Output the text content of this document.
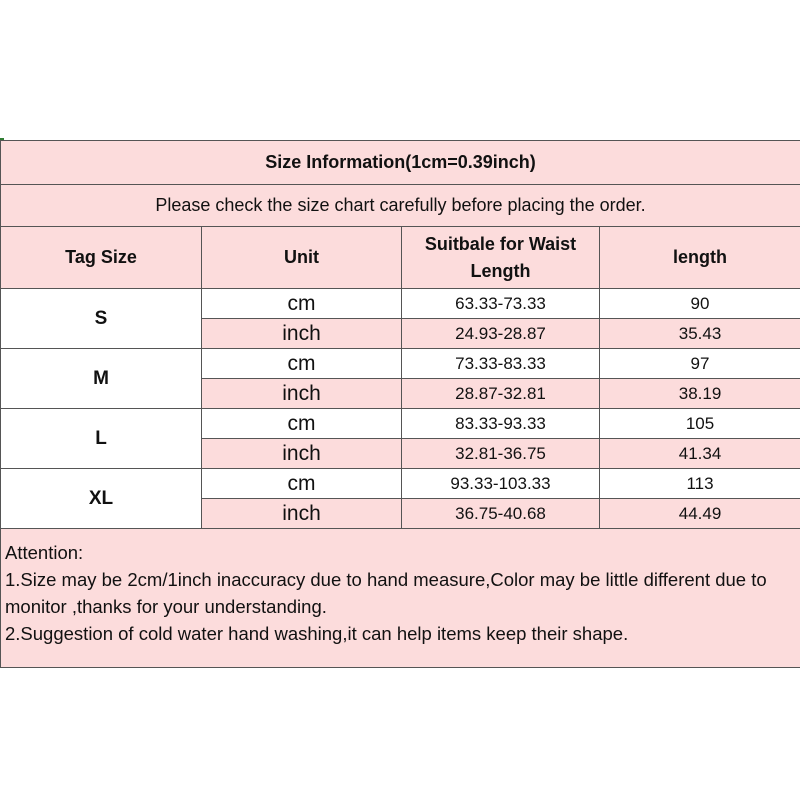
Size Information(1cm=0.39inch)			
Please check the size chart carefully before placing the order.			
Tag Size	Unit	Suitbale for Waist Length	length
S	cm	63.33-73.33	90
	inch	24.93-28.87	35.43
M	cm	73.33-83.33	97
	inch	28.87-32.81	38.19
L	cm	83.33-93.33	105
	inch	32.81-36.75	41.34
XL	cm	93.33-103.33	113
	inch	36.75-40.68	44.49

Attention:
1.Size may be 2cm/1inch inaccuracy due to hand measure,Color may be little different due to monitor ,thanks for your understanding.
2.Suggestion of cold water hand washing,it can help items keep their shape.			
